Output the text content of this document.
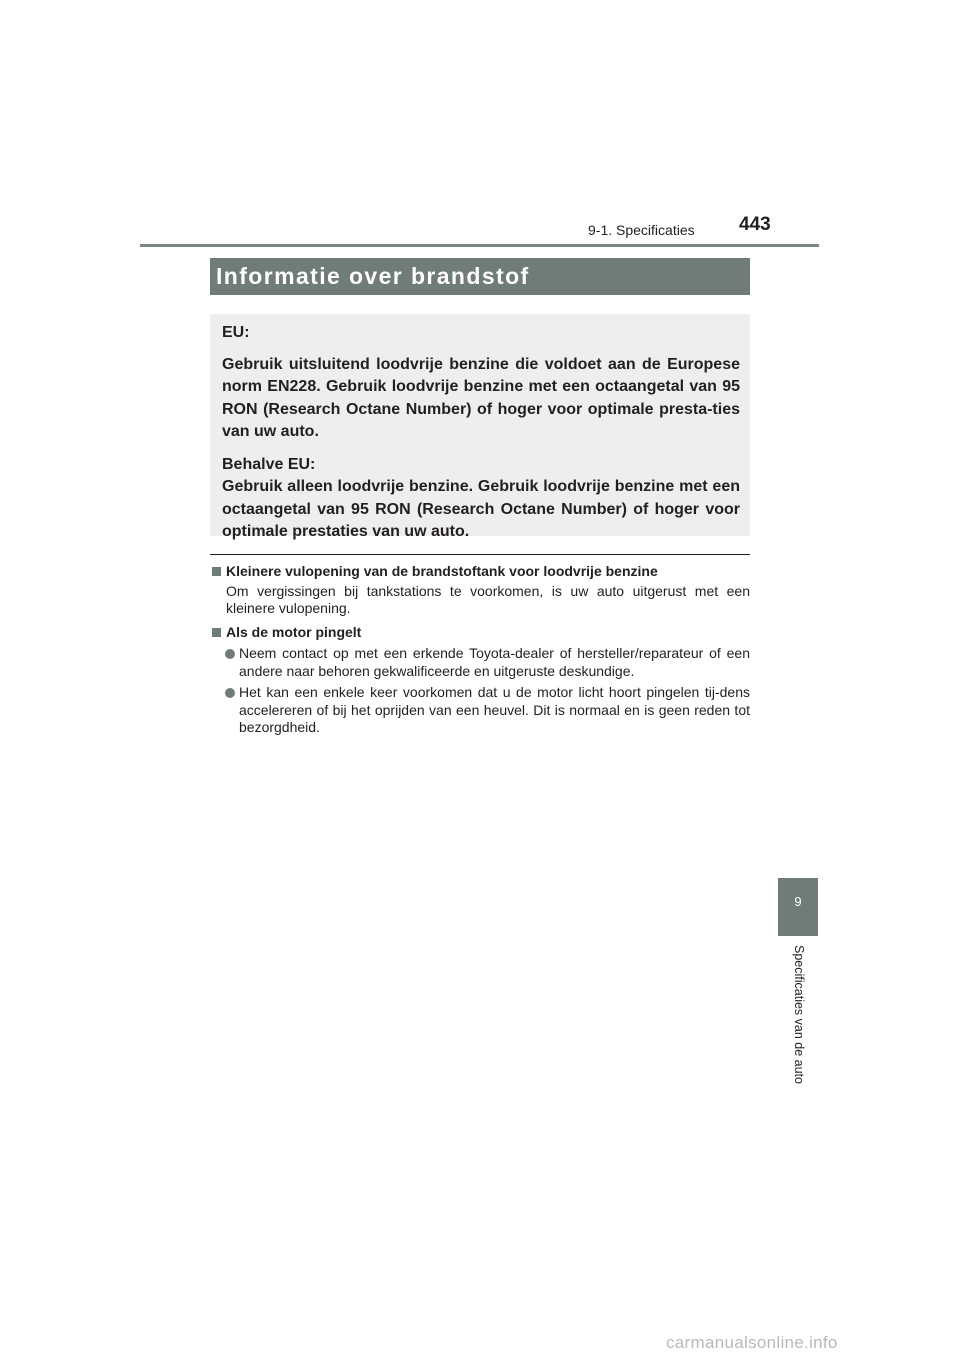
9-1. Specificaties 443
Informatie over brandstof

EU:

Gebruik uitsluitend loodvrije benzine die voldoet aan de Europese norm EN228. Gebruik loodvrije benzine met een octaangetal van 95 RON (Research Octane Number) of hoger voor optimale presta-ties van uw auto.

Behalve EU:

Gebruik alleen loodvrije benzine. Gebruik loodvrije benzine met een octaangetal van 95 RON (Research Octane Number) of hoger voor optimale prestaties van uw auto.

Kleinere vulopening van de brandstoftank voor loodvrije benzine

Om vergissingen bij tankstations te voorkomen, is uw auto uitgerust met een kleinere vulopening.

Als de motor pingelt

Neem contact op met een erkende Toyota-dealer of hersteller/reparateur of een andere naar behoren gekwalificeerde en uitgeruste deskundige.

Het kan een enkele keer voorkomen dat u de motor licht hoort pingelen tij-dens accelereren of bij het oprijden van een heuvel. Dit is normaal en is geen reden tot bezorgdheid.

9
Specificaties van de auto
carmanualsonline.info
